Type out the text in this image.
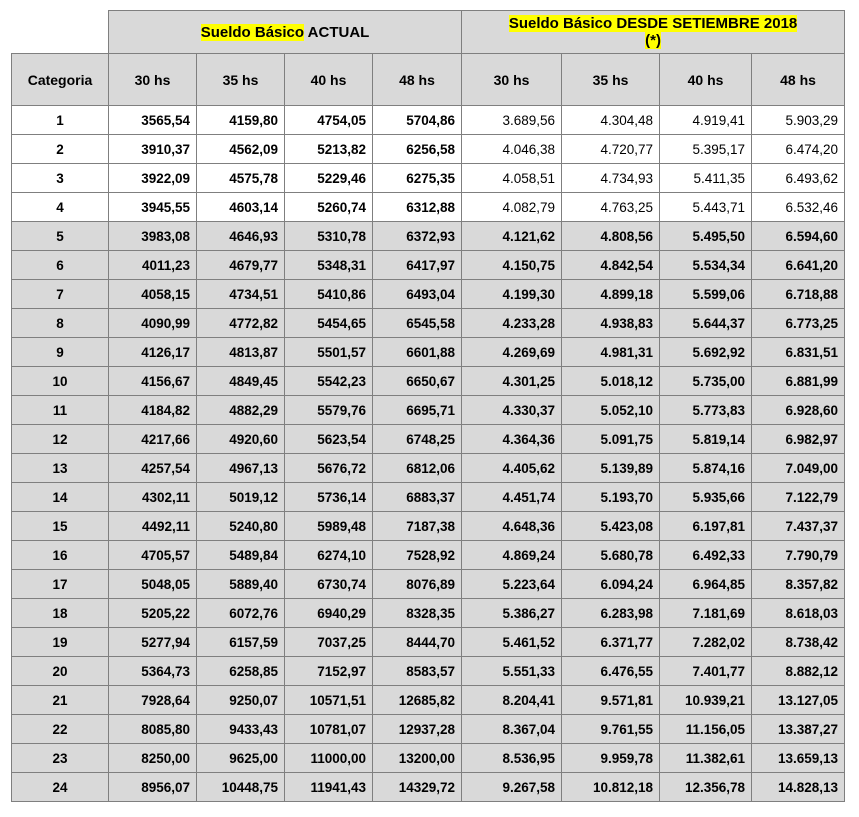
	Sueldo Básico ACTUAL				Sueldo Básico DESDE SETIEMBRE 2018
(*)			
Categoria	30 hs	35 hs	40 hs	48 hs	30 hs	35 hs	40 hs	48 hs
1	3565,54	4159,80	4754,05	5704,86	3.689,56	4.304,48	4.919,41	5.903,29
2	3910,37	4562,09	5213,82	6256,58	4.046,38	4.720,77	5.395,17	6.474,20
3	3922,09	4575,78	5229,46	6275,35	4.058,51	4.734,93	5.411,35	6.493,62
4	3945,55	4603,14	5260,74	6312,88	4.082,79	4.763,25	5.443,71	6.532,46
5	3983,08	4646,93	5310,78	6372,93	4.121,62	4.808,56	5.495,50	6.594,60
6	4011,23	4679,77	5348,31	6417,97	4.150,75	4.842,54	5.534,34	6.641,20
7	4058,15	4734,51	5410,86	6493,04	4.199,30	4.899,18	5.599,06	6.718,88
8	4090,99	4772,82	5454,65	6545,58	4.233,28	4.938,83	5.644,37	6.773,25
9	4126,17	4813,87	5501,57	6601,88	4.269,69	4.981,31	5.692,92	6.831,51
10	4156,67	4849,45	5542,23	6650,67	4.301,25	5.018,12	5.735,00	6.881,99
11	4184,82	4882,29	5579,76	6695,71	4.330,37	5.052,10	5.773,83	6.928,60
12	4217,66	4920,60	5623,54	6748,25	4.364,36	5.091,75	5.819,14	6.982,97
13	4257,54	4967,13	5676,72	6812,06	4.405,62	5.139,89	5.874,16	7.049,00
14	4302,11	5019,12	5736,14	6883,37	4.451,74	5.193,70	5.935,66	7.122,79
15	4492,11	5240,80	5989,48	7187,38	4.648,36	5.423,08	6.197,81	7.437,37
16	4705,57	5489,84	6274,10	7528,92	4.869,24	5.680,78	6.492,33	7.790,79
17	5048,05	5889,40	6730,74	8076,89	5.223,64	6.094,24	6.964,85	8.357,82
18	5205,22	6072,76	6940,29	8328,35	5.386,27	6.283,98	7.181,69	8.618,03
19	5277,94	6157,59	7037,25	8444,70	5.461,52	6.371,77	7.282,02	8.738,42
20	5364,73	6258,85	7152,97	8583,57	5.551,33	6.476,55	7.401,77	8.882,12
21	7928,64	9250,07	10571,51	12685,82	8.204,41	9.571,81	10.939,21	13.127,05
22	8085,80	9433,43	10781,07	12937,28	8.367,04	9.761,55	11.156,05	13.387,27
23	8250,00	9625,00	11000,00	13200,00	8.536,95	9.959,78	11.382,61	13.659,13
24	8956,07	10448,75	11941,43	14329,72	9.267,58	10.812,18	12.356,78	14.828,13
